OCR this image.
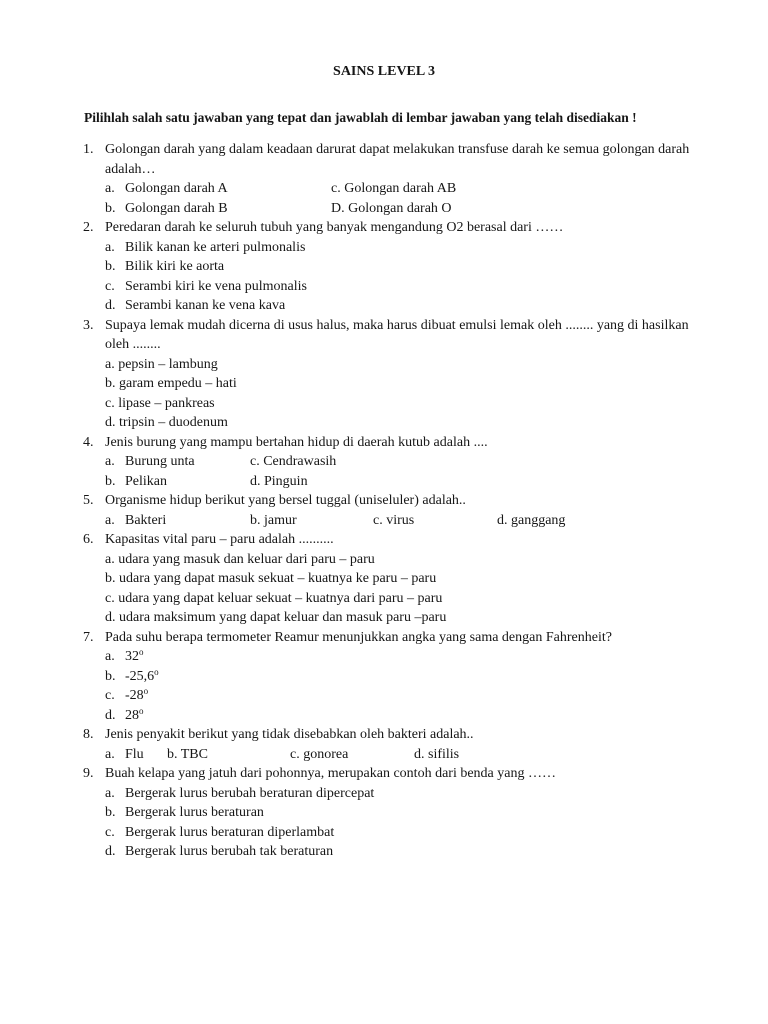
SAINS LEVEL 3
Pilihlah salah satu jawaban yang tepat dan jawablah di lembar jawaban yang telah disediakan !
1. Golongan darah yang dalam keadaan darurat dapat melakukan transfuse darah ke semua golongan darah
adalah…
a. Golongan darah A	c. Golongan darah AB
b. Golongan darah B	D. Golongan darah O
2. Peredaran darah ke seluruh tubuh yang banyak mengandung O2 berasal dari ……
a. Bilik kanan ke arteri pulmonalis
b. Bilik kiri ke aorta
c. Serambi kiri ke vena pulmonalis
d. Serambi kanan ke vena kava
3. Supaya lemak mudah dicerna di usus halus, maka harus dibuat emulsi lemak oleh ........ yang di hasilkan
oleh ........
a. pepsin – lambung
b. garam empedu – hati
c. lipase – pankreas
d. tripsin – duodenum
4. Jenis burung yang mampu bertahan hidup di daerah kutub adalah ....
a. Burung unta	c. Cendrawasih
b. Pelikan	d. Pinguin
5. Organisme hidup berikut yang bersel tuggal (uniseluler) adalah..
a. Bakteri	b. jamur	c. virus	d. ganggang
6. Kapasitas vital paru – paru adalah ..........
a. udara yang masuk dan keluar dari paru – paru
b. udara yang dapat masuk sekuat – kuatnya ke paru – paru
c. udara yang dapat keluar sekuat – kuatnya dari paru – paru
d. udara maksimum yang dapat keluar dan masuk paru –paru
7. Pada suhu berapa termometer Reamur menunjukkan angka yang sama dengan Fahrenheit?
a. 32$^o$
b. -25,6$^o$
c. -28$^o$
d. 28$^o$
8. Jenis penyakit berikut yang tidak disebabkan oleh bakteri adalah..
a. Flu b. TBC	c. gonorea	d. sifilis
9. Buah kelapa yang jatuh dari pohonnya, merupakan contoh dari benda yang ……
a. Bergerak lurus berubah beraturan dipercepat
b. Bergerak lurus beraturan
c. Bergerak lurus beraturan diperlambat
d. Bergerak lurus berubah tak beraturan
